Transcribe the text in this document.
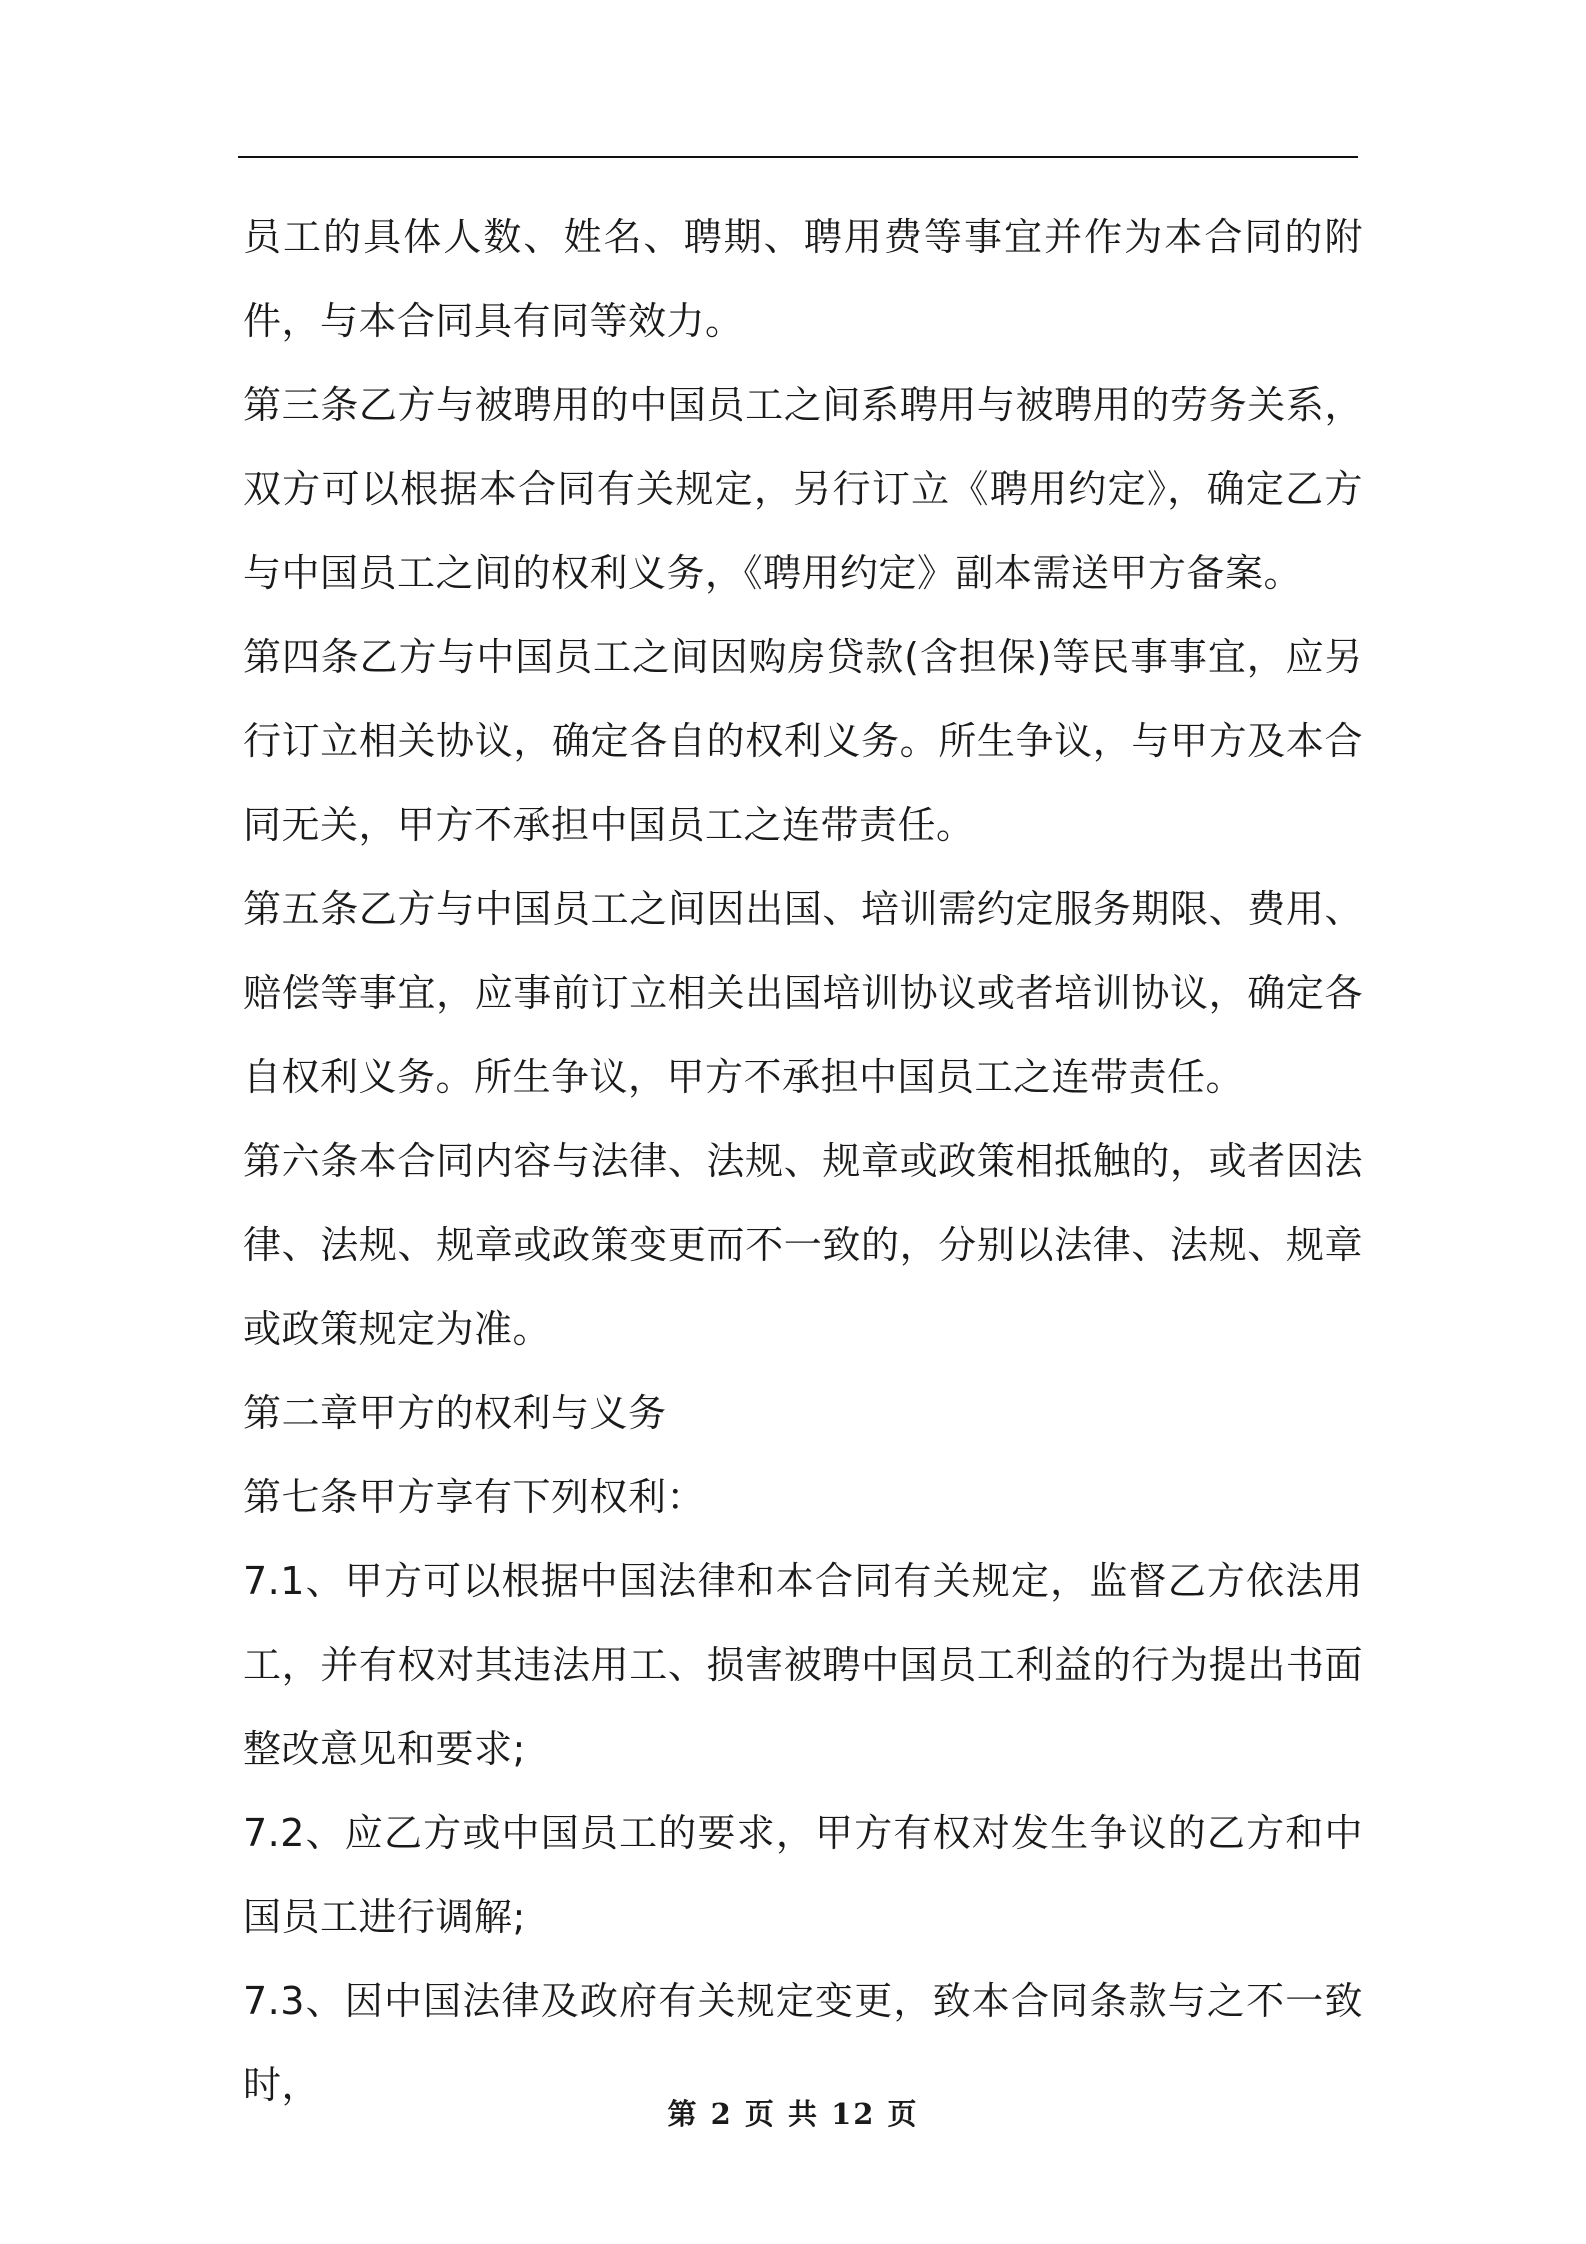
员工的具体人数、姓名、聘期、聘用费等事宜并作为本合同的附件，与本合同具有同等效力。

第三条乙方与被聘用的中国员工之间系聘用与被聘用的劳务关系，双方可以根据本合同有关规定，另行订立《聘用约定》，确定乙方与中国员工之间的权利义务，《聘用约定》副本需送甲方备案。

第四条乙方与中国员工之间因购房贷款(含担保)等民事事宜，应另行订立相关协议，确定各自的权利义务。所生争议，与甲方及本合同无关，甲方不承担中国员工之连带责任。

第五条乙方与中国员工之间因出国、培训需约定服务期限、费用、赔偿等事宜，应事前订立相关出国培训协议或者培训协议，确定各自权利义务。所生争议，甲方不承担中国员工之连带责任。

第六条本合同内容与法律、法规、规章或政策相抵触的，或者因法律、法规、规章或政策变更而不一致的，分别以法律、法规、规章或政策规定为准。

第二章甲方的权利与义务

第七条甲方享有下列权利：

7.1、甲方可以根据中国法律和本合同有关规定，监督乙方依法用工，并有权对其违法用工、损害被聘中国员工利益的行为提出书面整改意见和要求;

7.2、应乙方或中国员工的要求，甲方有权对发生争议的乙方和中国员工进行调解;

7.3、因中国法律及政府有关规定变更，致本合同条款与之不一致时，

第 2 页 共 12 页
